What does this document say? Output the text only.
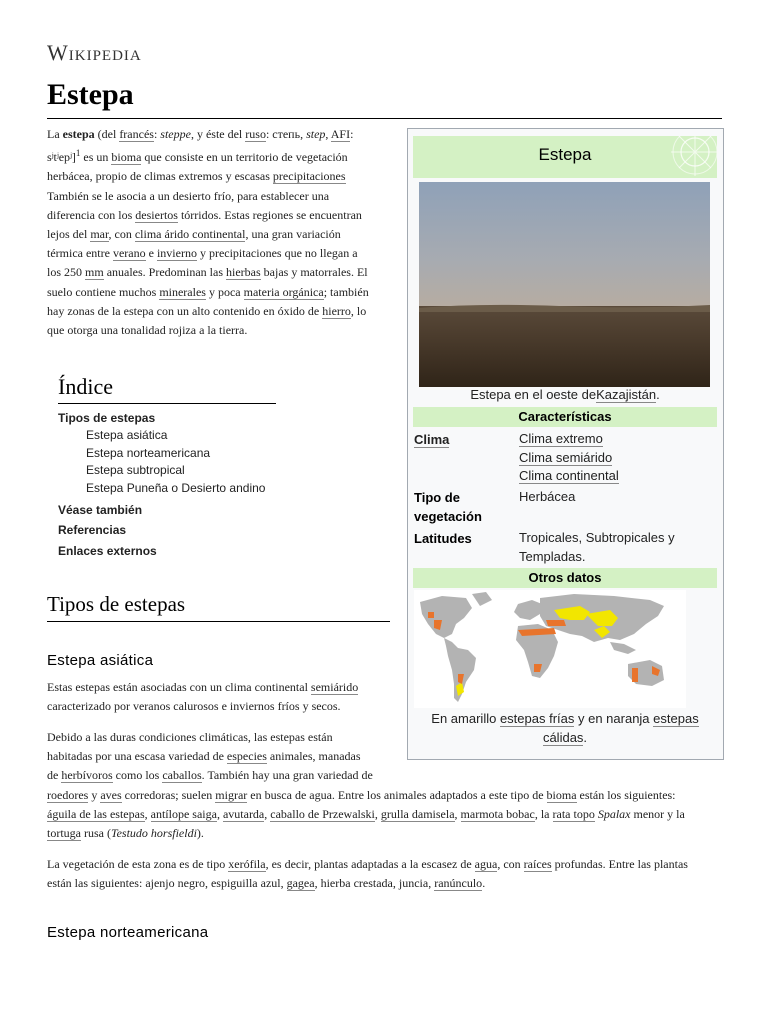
Wikipedia
Estepa
La estepa (del francés: steppe, y éste del ruso: степь, step, AFI:
sʲtʲepʲ]$^1$ es un bioma que consiste en un territorio de vegetación
herbácea, propio de climas extremos y escasas precipitaciones
También se le asocia a un desierto frío, para establecer una
diferencia con los desiertos tórridos. Estas regiones se encuentran
lejos del mar, con clima árido continental, una gran variación
térmica entre verano e invierno y precipitaciones que no llegan a
los 250 mm anuales. Predominan las hierbas bajas y matorrales. El
suelo contiene muchos minerales y poca materia orgánica; también
hay zonas de la estepa con un alto contenido en óxido de hierro, lo
que otorga una tonalidad rojiza a la tierra.
Índice
Tipos de estepas
Estepa asiática
Estepa norteamericana
Estepa subtropical
Estepa Puneña o Desierto andino
Véase también
Referencias
Enlaces externos
Tipos de estepas
Estepa asiática
Estas estepas están asociadas con un clima continental semiárido
caracterizado por veranos calurosos e inviernos fríos y secos.
Debido a las duras condiciones climáticas, las estepas están
habitadas por una escasa variedad de especies animales, manadas
de herbívoros como los caballos. También hay una gran variedad de
roedores y aves corredoras; suelen migrar en busca de agua. Entre los animales adaptados a este tipo de bioma están los siguientes:
águila de las estepas, antílope saiga, avutarda, caballo de Przewalski, grulla damisela, marmota bobac, la rata topo Spalax menor y la
tortuga rusa (Testudo horsfieldi).
La vegetación de esta zona es de tipo xerófila, es decir, plantas adaptadas a la escasez de agua, con raíces profundas. Entre las plantas
están las siguientes: ajenjo negro, espiguilla azul, gagea, hierba crestada, juncia, ranúnculo.
Estepa norteamericana
Estepa
Estepa en el oeste deKazajistán.
Características
Clima	Clima extremo
Clima semiárido
Clima continental
Tipo de vegetación
Herbácea
Latitudes	Tropicales, Subtropicales y Templadas.
Otros datos
En amarillo estepas frías y en naranja estepas cálidas.
